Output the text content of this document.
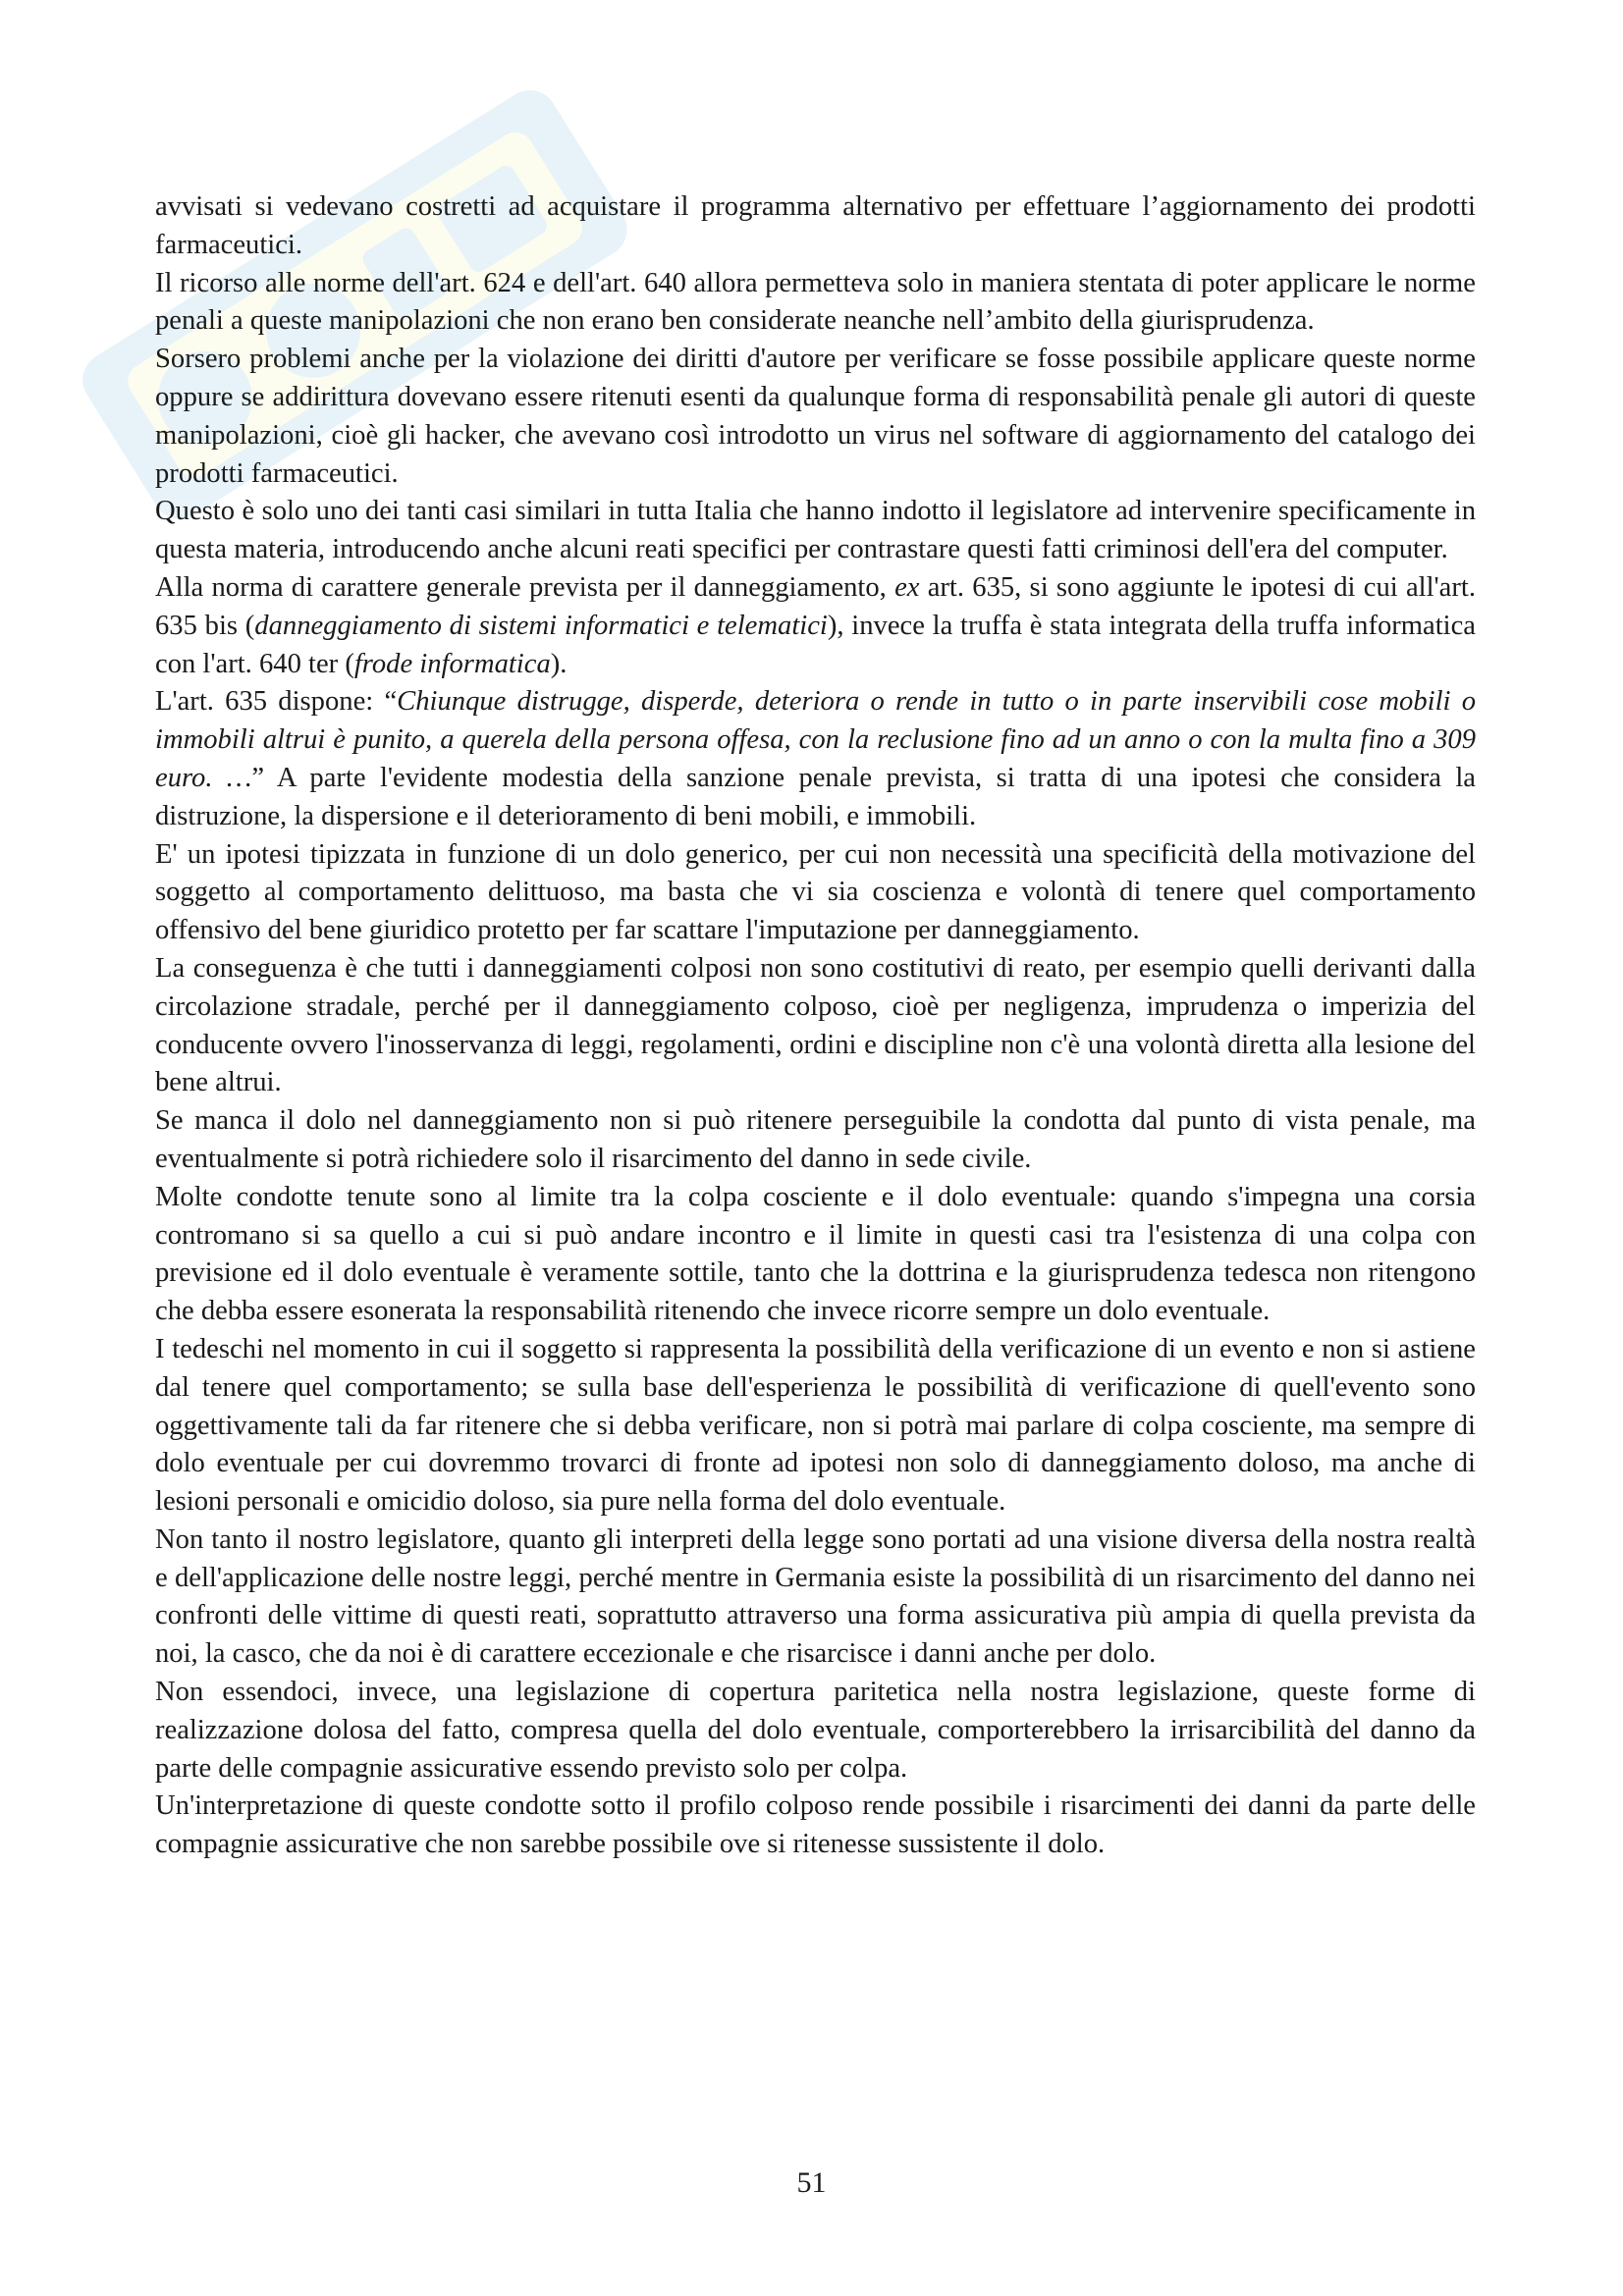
avvisati si vedevano costretti ad acquistare il programma alternativo per effettuare l’aggiornamento dei prodotti farmaceutici.

Il ricorso alle norme dell'art. 624 e dell'art. 640 allora permetteva solo in maniera stentata di poter applicare le norme penali a queste manipolazioni che non erano ben considerate neanche nell’ambito della giurisprudenza.

Sorsero problemi anche per la violazione dei diritti d'autore per verificare se fosse possibile applicare queste norme oppure se addirittura dovevano essere ritenuti esenti da qualunque forma di responsabilità penale gli autori di queste manipolazioni, cioè gli hacker, che avevano così introdotto un virus nel software di aggiornamento del catalogo dei prodotti farmaceutici.

Questo è solo uno dei tanti casi similari in tutta Italia che hanno indotto il legislatore ad intervenire specificamente in questa materia, introducendo anche alcuni reati specifici per contrastare questi fatti criminosi dell'era del computer.

Alla norma di carattere generale prevista per il danneggiamento, ex art. 635, si sono aggiunte le ipotesi di cui all'art. 635 bis (danneggiamento di sistemi informatici e telematici), invece la truffa è stata integrata della truffa informatica con l'art. 640 ter (frode informatica).

L'art. 635 dispone: “Chiunque distrugge, disperde, deteriora o rende in tutto o in parte inservibili cose mobili o immobili altrui è punito, a querela della persona offesa, con la reclusione fino ad un anno o con la multa fino a 309 euro. …” A parte l'evidente modestia della sanzione penale prevista, si tratta di una ipotesi che considera la distruzione, la dispersione e il deterioramento di beni mobili, e immobili.

E' un ipotesi tipizzata in funzione di un dolo generico, per cui non necessità una specificità della motivazione del soggetto al comportamento delittuoso, ma basta che vi sia coscienza e volontà di tenere quel comportamento offensivo del bene giuridico protetto per far scattare l'imputazione per danneggiamento.

La conseguenza è che tutti i danneggiamenti colposi non sono costitutivi di reato, per esempio quelli derivanti dalla circolazione stradale, perché per il danneggiamento colposo, cioè per negligenza, imprudenza o imperizia del conducente ovvero l'inosservanza di leggi, regolamenti, ordini e discipline non c'è una volontà diretta alla lesione del bene altrui.

Se manca il dolo nel danneggiamento non si può ritenere perseguibile la condotta dal punto di vista penale, ma eventualmente si potrà richiedere solo il risarcimento del danno in sede civile.

Molte condotte tenute sono al limite tra la colpa cosciente e il dolo eventuale: quando s'impegna una corsia contromano si sa quello a cui si può andare incontro e il limite in questi casi tra l'esistenza di una colpa con previsione ed il dolo eventuale è veramente sottile, tanto che la dottrina e la giurisprudenza tedesca non ritengono che debba essere esonerata la responsabilità ritenendo che invece ricorre sempre un dolo eventuale.

I tedeschi nel momento in cui il soggetto si rappresenta la possibilità della verificazione di un evento e non si astiene dal tenere quel comportamento; se sulla base dell'esperienza le possibilità di verificazione di quell'evento sono oggettivamente tali da far ritenere che si debba verificare, non si potrà mai parlare di colpa cosciente, ma sempre di dolo eventuale per cui dovremmo trovarci di fronte ad ipotesi non solo di danneggiamento doloso, ma anche di lesioni personali e omicidio doloso, sia pure nella forma del dolo eventuale.

Non tanto il nostro legislatore, quanto gli interpreti della legge sono portati ad una visione diversa della nostra realtà e dell'applicazione delle nostre leggi, perché mentre in Germania esiste la possibilità di un risarcimento del danno nei confronti delle vittime di questi reati, soprattutto attraverso una forma assicurativa più ampia di quella prevista da noi, la casco, che da noi è di carattere eccezionale e che risarcisce i danni anche per dolo.

Non essendoci, invece, una legislazione di copertura paritetica nella nostra legislazione, queste forme di realizzazione dolosa del fatto, compresa quella del dolo eventuale, comporterebbero la irrisarcibilità del danno da parte delle compagnie assicurative essendo previsto solo per colpa.

Un'interpretazione di queste condotte sotto il profilo colposo rende possibile i risarcimenti dei danni da parte delle compagnie assicurative che non sarebbe possibile ove si ritenesse sussistente il dolo.

51
